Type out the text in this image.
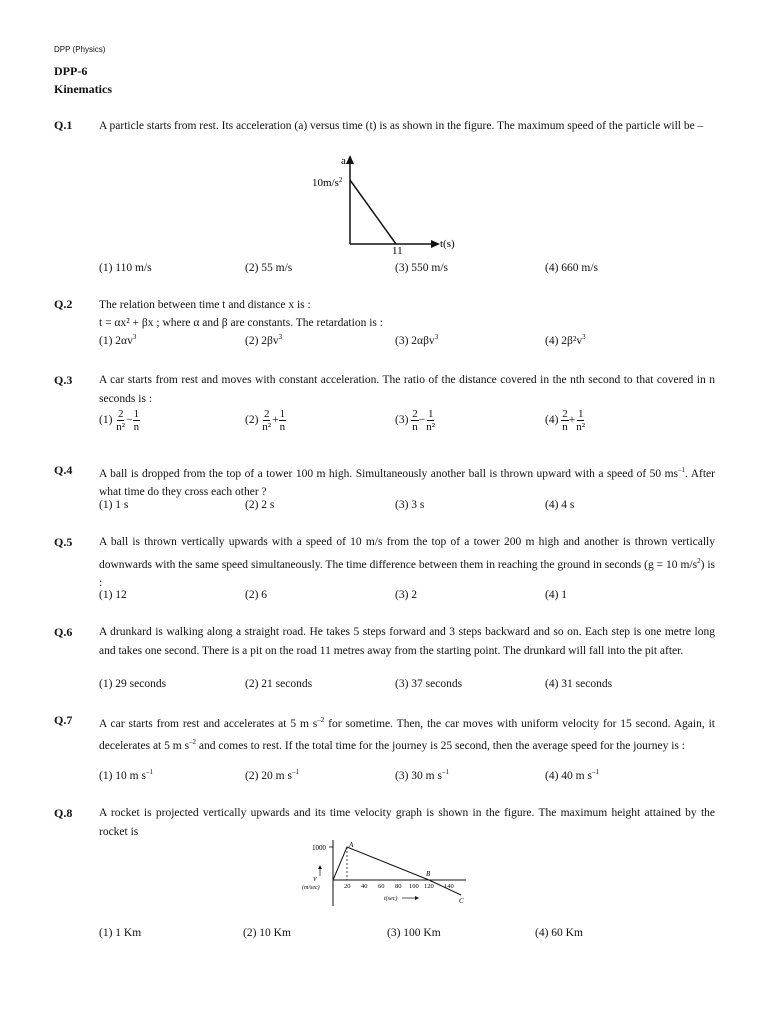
DPP (Physics)
DPP-6
Kinematics
Q.1 A particle starts from rest. Its acceleration (a) versus time (t) is as shown in the figure. The maximum speed of the particle will be –
a
$10m/s^2$
11
t(s)
(1) 110 m/s	(2) 55 m/s	(3) 550 m/s	(4) 660 m/s
Q.2 The relation between time t and distance x is :
t = αx² + βx ; where α and β are constants. The retardation is :
(1) $2\alpha v^3$	(2) $2\beta v^3$	(3) 2αβv$^3$	(4) $2\beta^2v^3$
Q.3 A car starts from rest and moves with constant acceleration. The ratio of the distance covered in the nth second to that covered in n seconds is :
$(1) \frac{2}{\text{n²}} - \frac{1}{n}$	$(2) \frac{2}{\text{n²}} + \frac{1}{n}$	$(3) \frac{2}{n} - \frac{1}{\text{n²}}$	$(4) \frac{2}{n} + \frac{1}{\text{n²}}$
Q.4 A ball is dropped from the top of a tower 100 m high. Simultaneously another ball is thrown upward with a speed of 50 $ms^{-1}$. After what time do they cross each other ?
(1) 1 s	(2) 2 s	(3) 3 s	(4) 4 s
Q.5 A ball is thrown vertically upwards with a speed of 10 m/s from the top of a tower 200 m high and another is thrown vertically downwards with the same speed simultaneously. The time difference between them in reaching the ground in seconds (g = 10 $m/s^2$) is :
(1) 12	(2) 6	(3) 2	(4) 1
Q.6 A drunkard is walking along a straight road. He takes 5 steps forward and 3 steps backward and so on. Each step is one metre long and takes one second. There is a pit on the road 11 metres away from the starting point. The drunkard will fall into the pit after.
(1) 29 seconds	(2) 21 seconds	(3) 37 seconds	(4) 31 seconds
Q.7 A car starts from rest and accelerates at 5 m $s^{-2}$ for sometime. Then, the car moves with uniform velocity for 15 second. Again, it decelerates at 5 m $s^{-2}$ and comes to rest. If the total time for the journey is 25 second, then the average speed for the journey is :
(1) 10 m $s^{-1}$	(2) 20 m $s^{-1}$	(3) 30 m $s^{-1}$	(4) 40 m $s^{-1}$
Q.8 A rocket is projected vertically upwards and its time velocity graph is shown in the figure. The maximum height attained by the rocket is
1000	A
B
C
V
(m/sec)	20 40 60 80 100 120 140
t(sec)
(1) 1 Km	(2) 10 Km	(3) 100 Km	(4) 60 Km
